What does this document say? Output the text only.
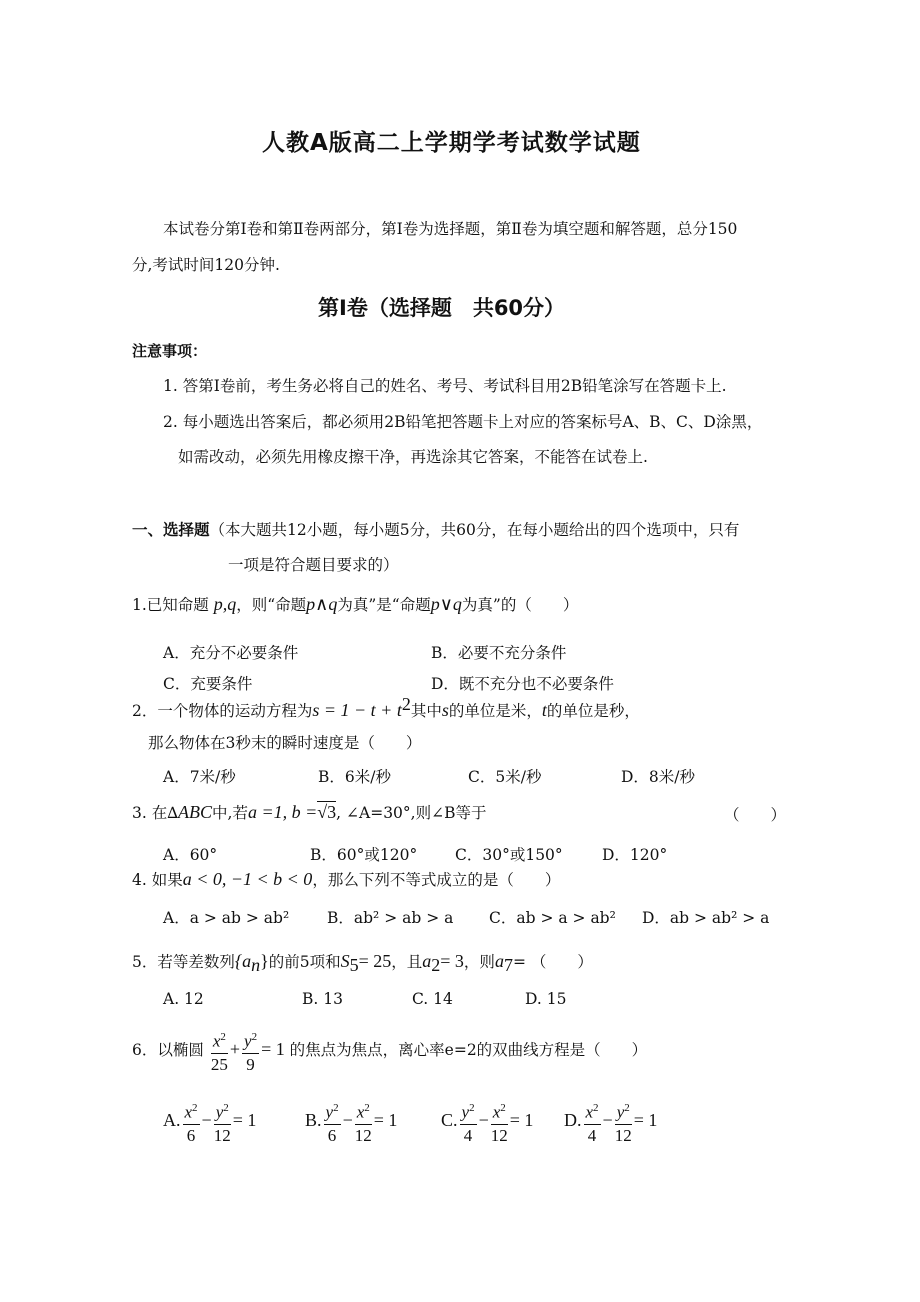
人教A版高二上学期学考试数学试题
本试卷分第I卷和第Ⅱ卷两部分，第I卷为选择题，第Ⅱ卷为填空题和解答题，总分150
分,考试时间120分钟.
第I卷（选择题　共60分）
注意事项：
1. 答第I卷前，考生务必将自己的姓名、考号、考试科目用2B铅笔涂写在答题卡上.
2. 每小题选出答案后，都必须用2B铅笔把答题卡上对应的答案标号A、B、C、D涂黑，
如需改动，必须先用橡皮擦干净，再选涂其它答案，不能答在试卷上.
一、选择题（本大题共12小题，每小题5分，共60分，在每小题给出的四个选项中，只有
一项是符合题目要求的）
1.已知命题 p,q，则“命题p∧q为真”是“命题p∨q为真”的（　　）
A．充分不必要条件	B．必要不充分条件
C．充要条件	D．既不充分也不必要条件
2．一个物体的运动方程为$s = 1 - t + t^2$其中s的单位是米，t的单位是秒，
那么物体在3秒末的瞬时速度是（　　）
A．7米/秒	B．6米/秒	C．5米/秒	D．8米/秒
3. 在∆ABC中,若a =1, b =√3, ∠A=30°,则∠B等于	（　　）
A．60°	B．60°或120° C．30°或150°	D．120°
4. 如果a < 0, −1 < b < 0，那么下列不等式成立的是（　　）
A．a > ab > ab² B．ab² > ab > a C．ab > a > ab² D．ab > ab² > a
5．若等差数列$\{a_n\}$的前5项和$S_5= 25$，且$a_2= 3$，则$a_7=$ （　　）
A. 12	B. 13	C. 14	D. 15
6．以椭圆 $\frac{x^2}{25} + \frac{y^2}{9} = 1$ 的焦点为焦点，离心率e=2的双曲线方程是（　　）
A. $\frac{x^2}{6} - \frac{y^2}{12} = 1$	B. $\frac{y^2}{6} - \frac{x^2}{12} = 1$ C. $\frac{y^2}{4} - \frac{x^2}{12} = 1$ D. $\frac{x^2}{4} - \frac{y^2}{12} = 1$
